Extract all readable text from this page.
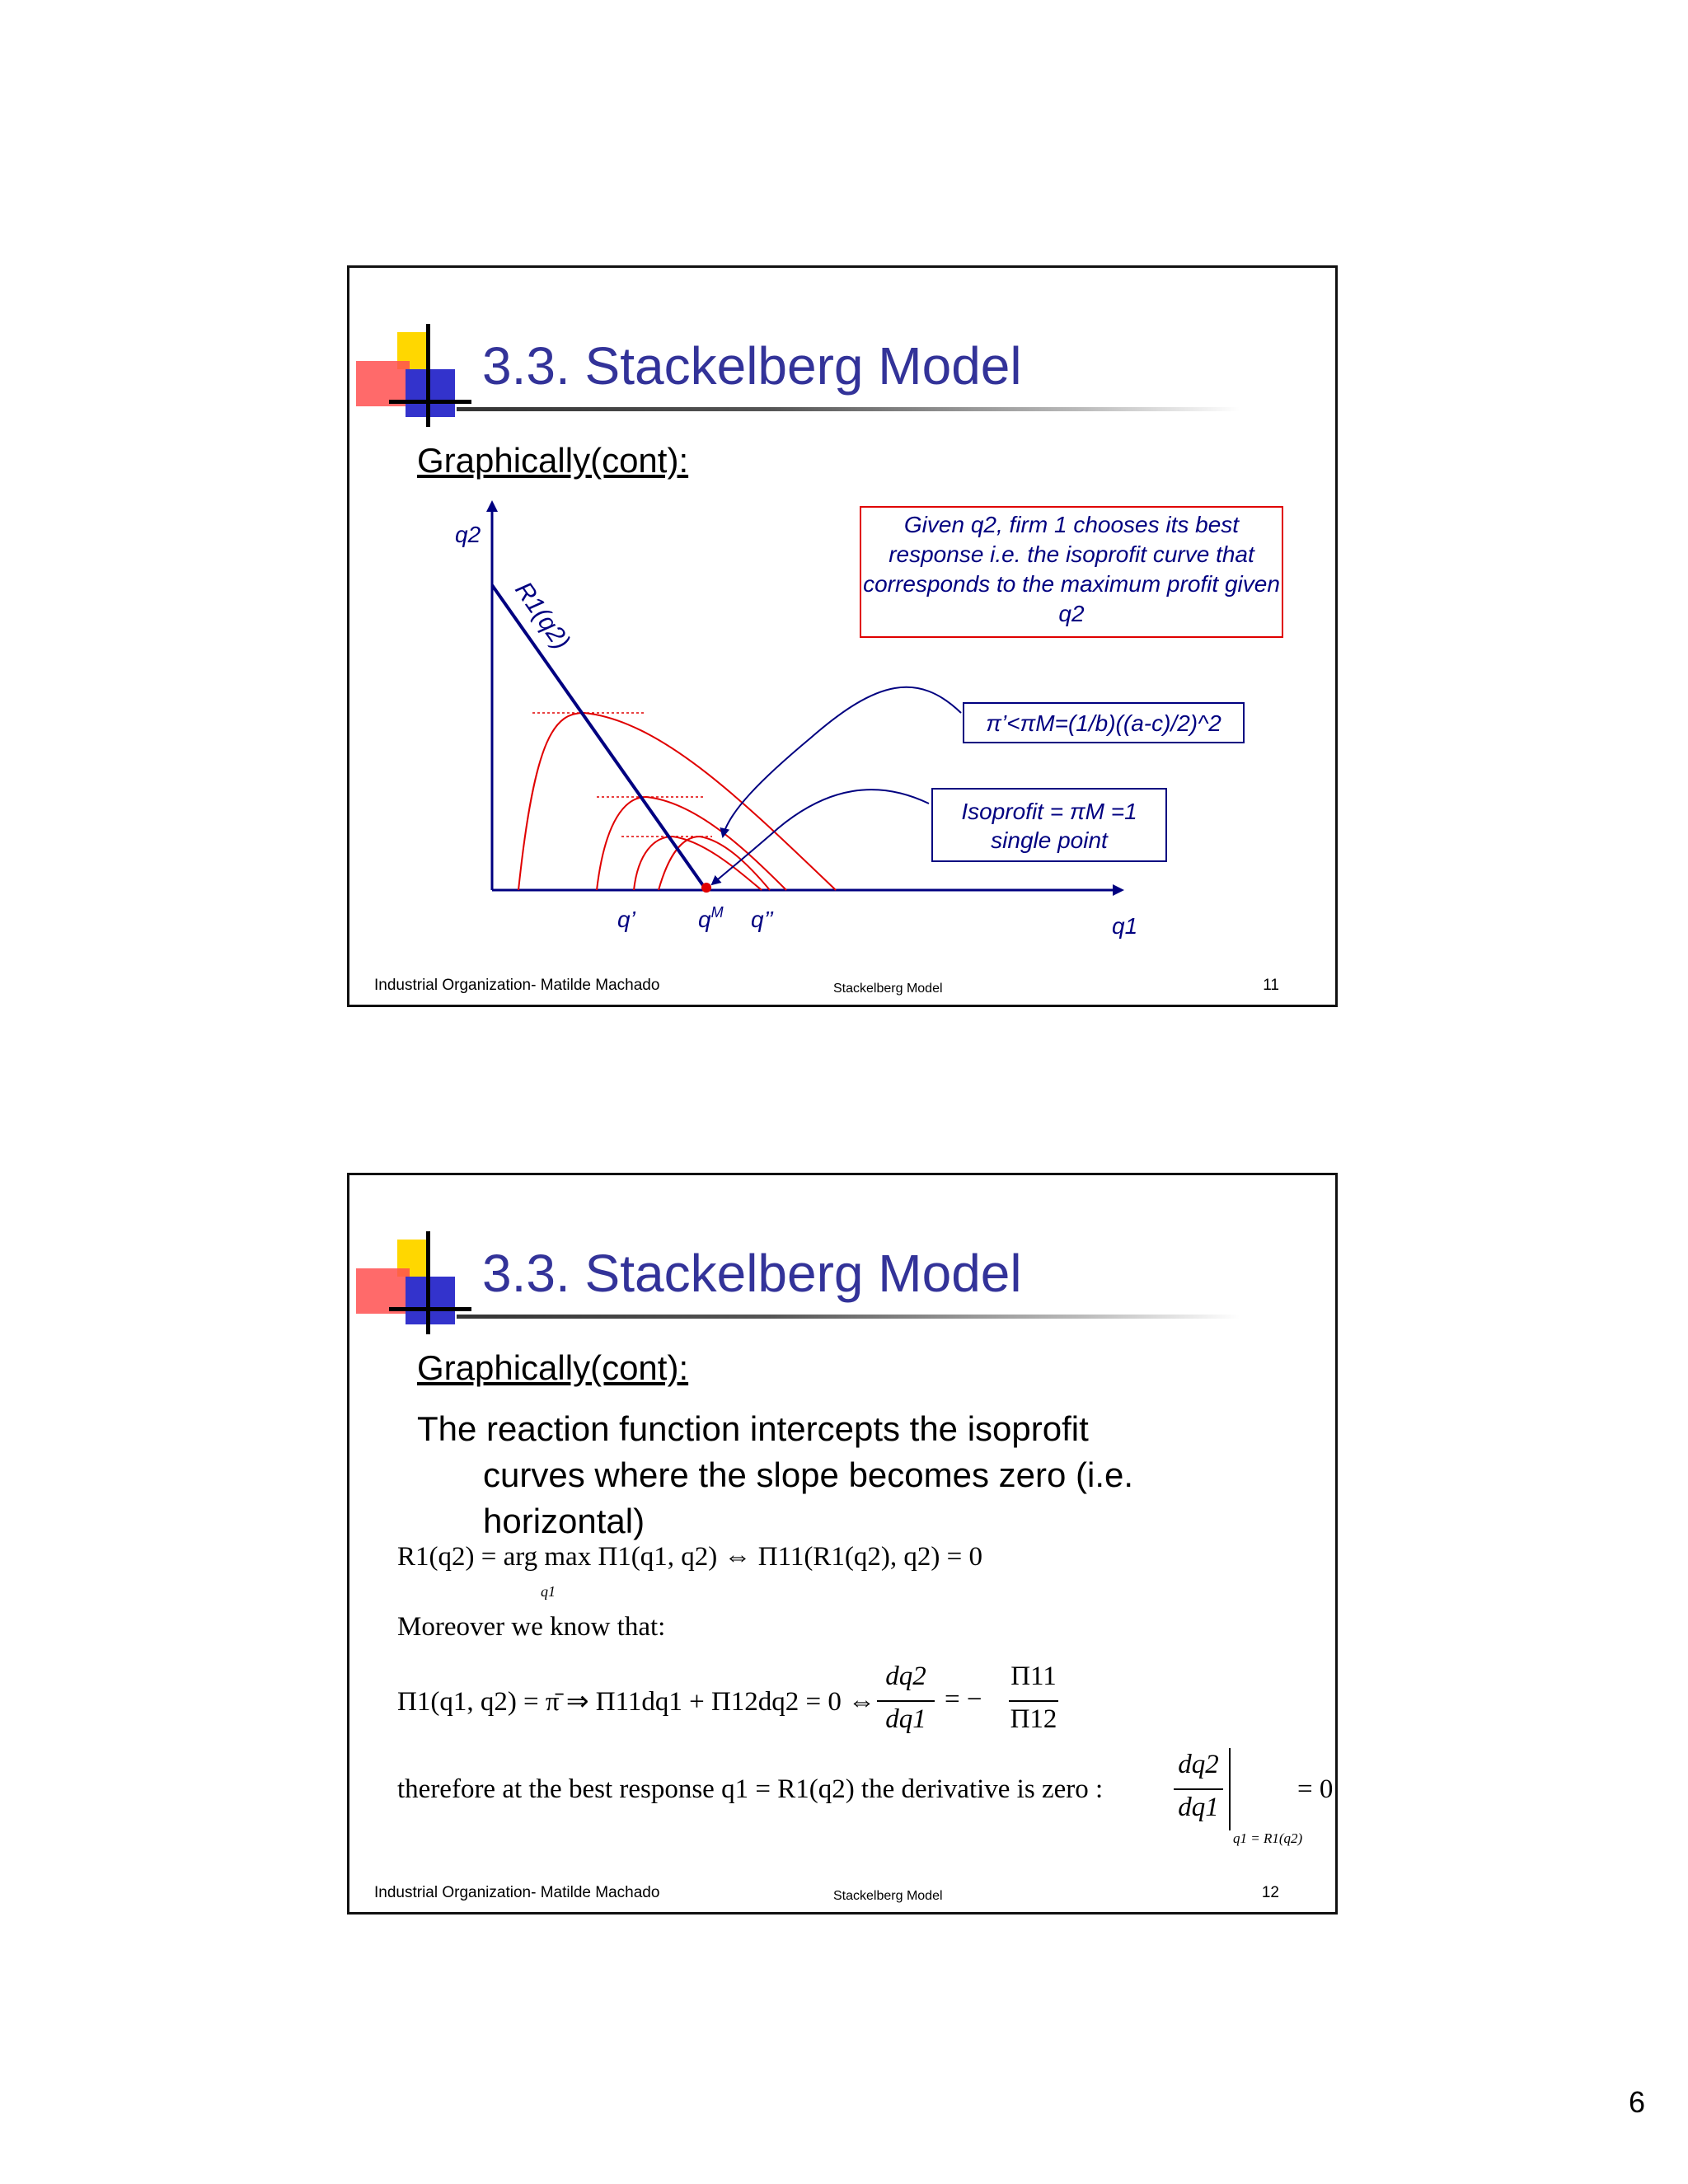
3.3. Stackelberg Model
Graphically(cont):
R1(q2)
q2
q1
q’	$q^M$ q’’
Given q2, firm 1 chooses its best response i.e. the isoprofit curve that corresponds to the maximum profit given q2
π’<πM=(1/b)((a-c)/2)^2
Isoprofit = πM =1
single point
Industrial Organization- Matilde Machado	Stackelberg Model	11
3.3. Stackelberg Model
Graphically(cont):

The reaction function intercepts the isoprofit
curves where the slope becomes zero (i.e.
horizontal)

R1(q2) = arg max Π1(q1, q2) ⇔ Π11(R1(q2), q2) = 0
q1
Moreover we know that:
Π1(q1, q2) = π̄ ⇒ Π11dq1 + Π12dq2 = 0 ⇔
dq2
dq1
= −
Π11
Π12
therefore at the best response q1 = R1(q2) the derivative is zero :
dq2
dq1
q1 = R1(q2)
= 0
Industrial Organization- Matilde Machado	Stackelberg Model	12
6
